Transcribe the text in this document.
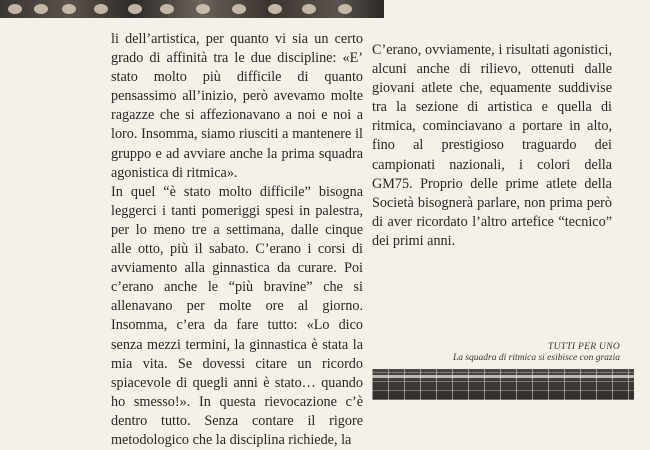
li dell’artistica, per quanto vi sia un certo grado di affinità tra le due discipline: «E’ stato molto più difficile di quanto pensassimo all’inizio, però avevamo molte ragazze che si affezionavano a noi e noi a loro. Insomma, siamo riusciti a mantenere il gruppo e ad avviare anche la prima squadra agonistica di ritmica».

In quel “è stato molto difficile” bisogna leggerci i tanti pomeriggi spesi in palestra, per lo meno tre a settimana, dalle cinque alle otto, più il sabato. C’erano i corsi di avviamento alla ginnastica da curare. Poi c’erano anche le “più bravine” che si allenavano per molte ore al giorno. Insomma, c’era da fare tutto: «Lo dico senza mezzi termini, la ginnastica è stata la mia vita. Se dovessi citare un ricordo spiacevole di quegli anni è stato… quando ho smesso!». In questa rievocazione c’è dentro tutto. Senza contare il rigore metodologico che la disciplina richiede, la

C’erano, ovviamente, i risultati agonistici, alcuni anche di rilievo, ottenuti dalle giovani atlete che, equamente suddivise tra la sezione di artistica e quella di ritmica, cominciavano a portare in alto, fino al prestigioso traguardo dei campionati nazionali, i colori della GM75. Proprio delle prime atlete della Società bisognerà parlare, non prima però di aver ricordato l’altro artefice “tecnico” dei primi anni.

TUTTI PER UNO
La squadra di ritmica si esibisce con grazia
